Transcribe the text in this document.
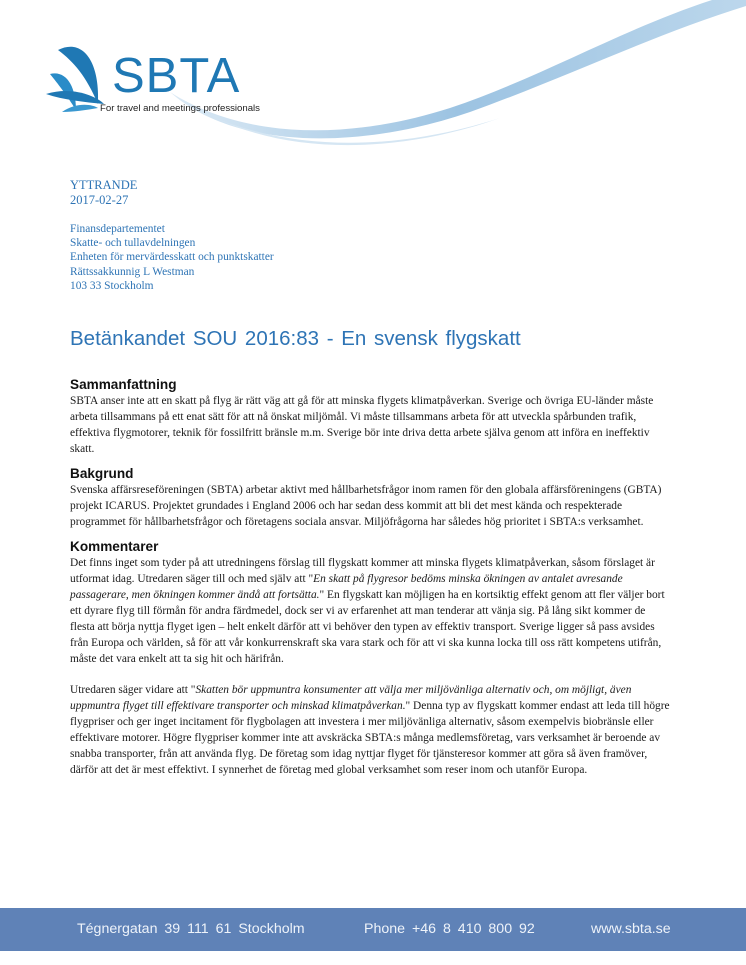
SBTA
For travel and meetings professionals
YTTRANDE
2017-02-27
Finansdepartementet
Skatte- och tullavdelningen
Enheten för mervärdesskatt och punktskatter
Rättssakkunnig L Westman
103 33 Stockholm
Betänkandet SOU 2016:83 - En svensk flygskatt
Sammanfattning

SBTA anser inte att en skatt på flyg är rätt väg att gå för att minska flygets klimatpåverkan. Sverige och övriga EU-länder måste arbeta tillsammans på ett enat sätt för att nå önskat miljömål. Vi måste tillsammans arbeta för att utveckla spårbunden trafik, effektiva flygmotorer, teknik för fossilfritt bränsle m.m. Sverige bör inte driva detta arbete själva genom att införa en ineffektiv skatt.

Bakgrund

Svenska affärsreseföreningen (SBTA) arbetar aktivt med hållbarhetsfrågor inom ramen för den globala affärsföreningens (GBTA) projekt ICARUS. Projektet grundades i England 2006 och har sedan dess kommit att bli det mest kända och respekterade programmet för hållbarhetsfrågor och företagens sociala ansvar. Miljöfrågorna har således hög prioritet i SBTA:s verksamhet.

Kommentarer

Det finns inget som tyder på att utredningens förslag till flygskatt kommer att minska flygets klimatpåverkan, såsom förslaget är utformat idag. Utredaren säger till och med själv att "En skatt på flygresor bedöms minska ökningen av antalet avresande passagerare, men ökningen kommer ändå att fortsätta." En flygskatt kan möjligen ha en kortsiktig effekt genom att fler väljer bort ett dyrare flyg till förmån för andra färdmedel, dock ser vi av erfarenhet att man tenderar att vänja sig. På lång sikt kommer de flesta att börja nyttja flyget igen – helt enkelt därför att vi behöver den typen av effektiv transport. Sverige ligger så pass avsides från Europa och världen, så för att vår konkurrenskraft ska vara stark och för att vi ska kunna locka till oss rätt kompetens utifrån, måste det vara enkelt att ta sig hit och härifrån.

Utredaren säger vidare att "Skatten bör uppmuntra konsumenter att välja mer miljövänliga alternativ och, om möjligt, även uppmuntra flyget till effektivare transporter och minskad klimatpåverkan." Denna typ av flygskatt kommer endast att leda till högre flygpriser och ger inget incitament för flygbolagen att investera i mer miljövänliga alternativ, såsom exempelvis biobränsle eller effektivare motorer. Högre flygpriser kommer inte att avskräcka SBTA:s många medlemsföretag, vars verksamhet är beroende av snabba transporter, från att använda flyg. De företag som idag nyttjar flyget för tjänsteresor kommer att göra så även framöver, därför att det är mest effektivt. I synnerhet de företag med global verksamhet som reser inom och utanför Europa.

Tégnergatan 39 111 61 Stockholm	Phone +46 8 410 800 92	www.sbta.se
